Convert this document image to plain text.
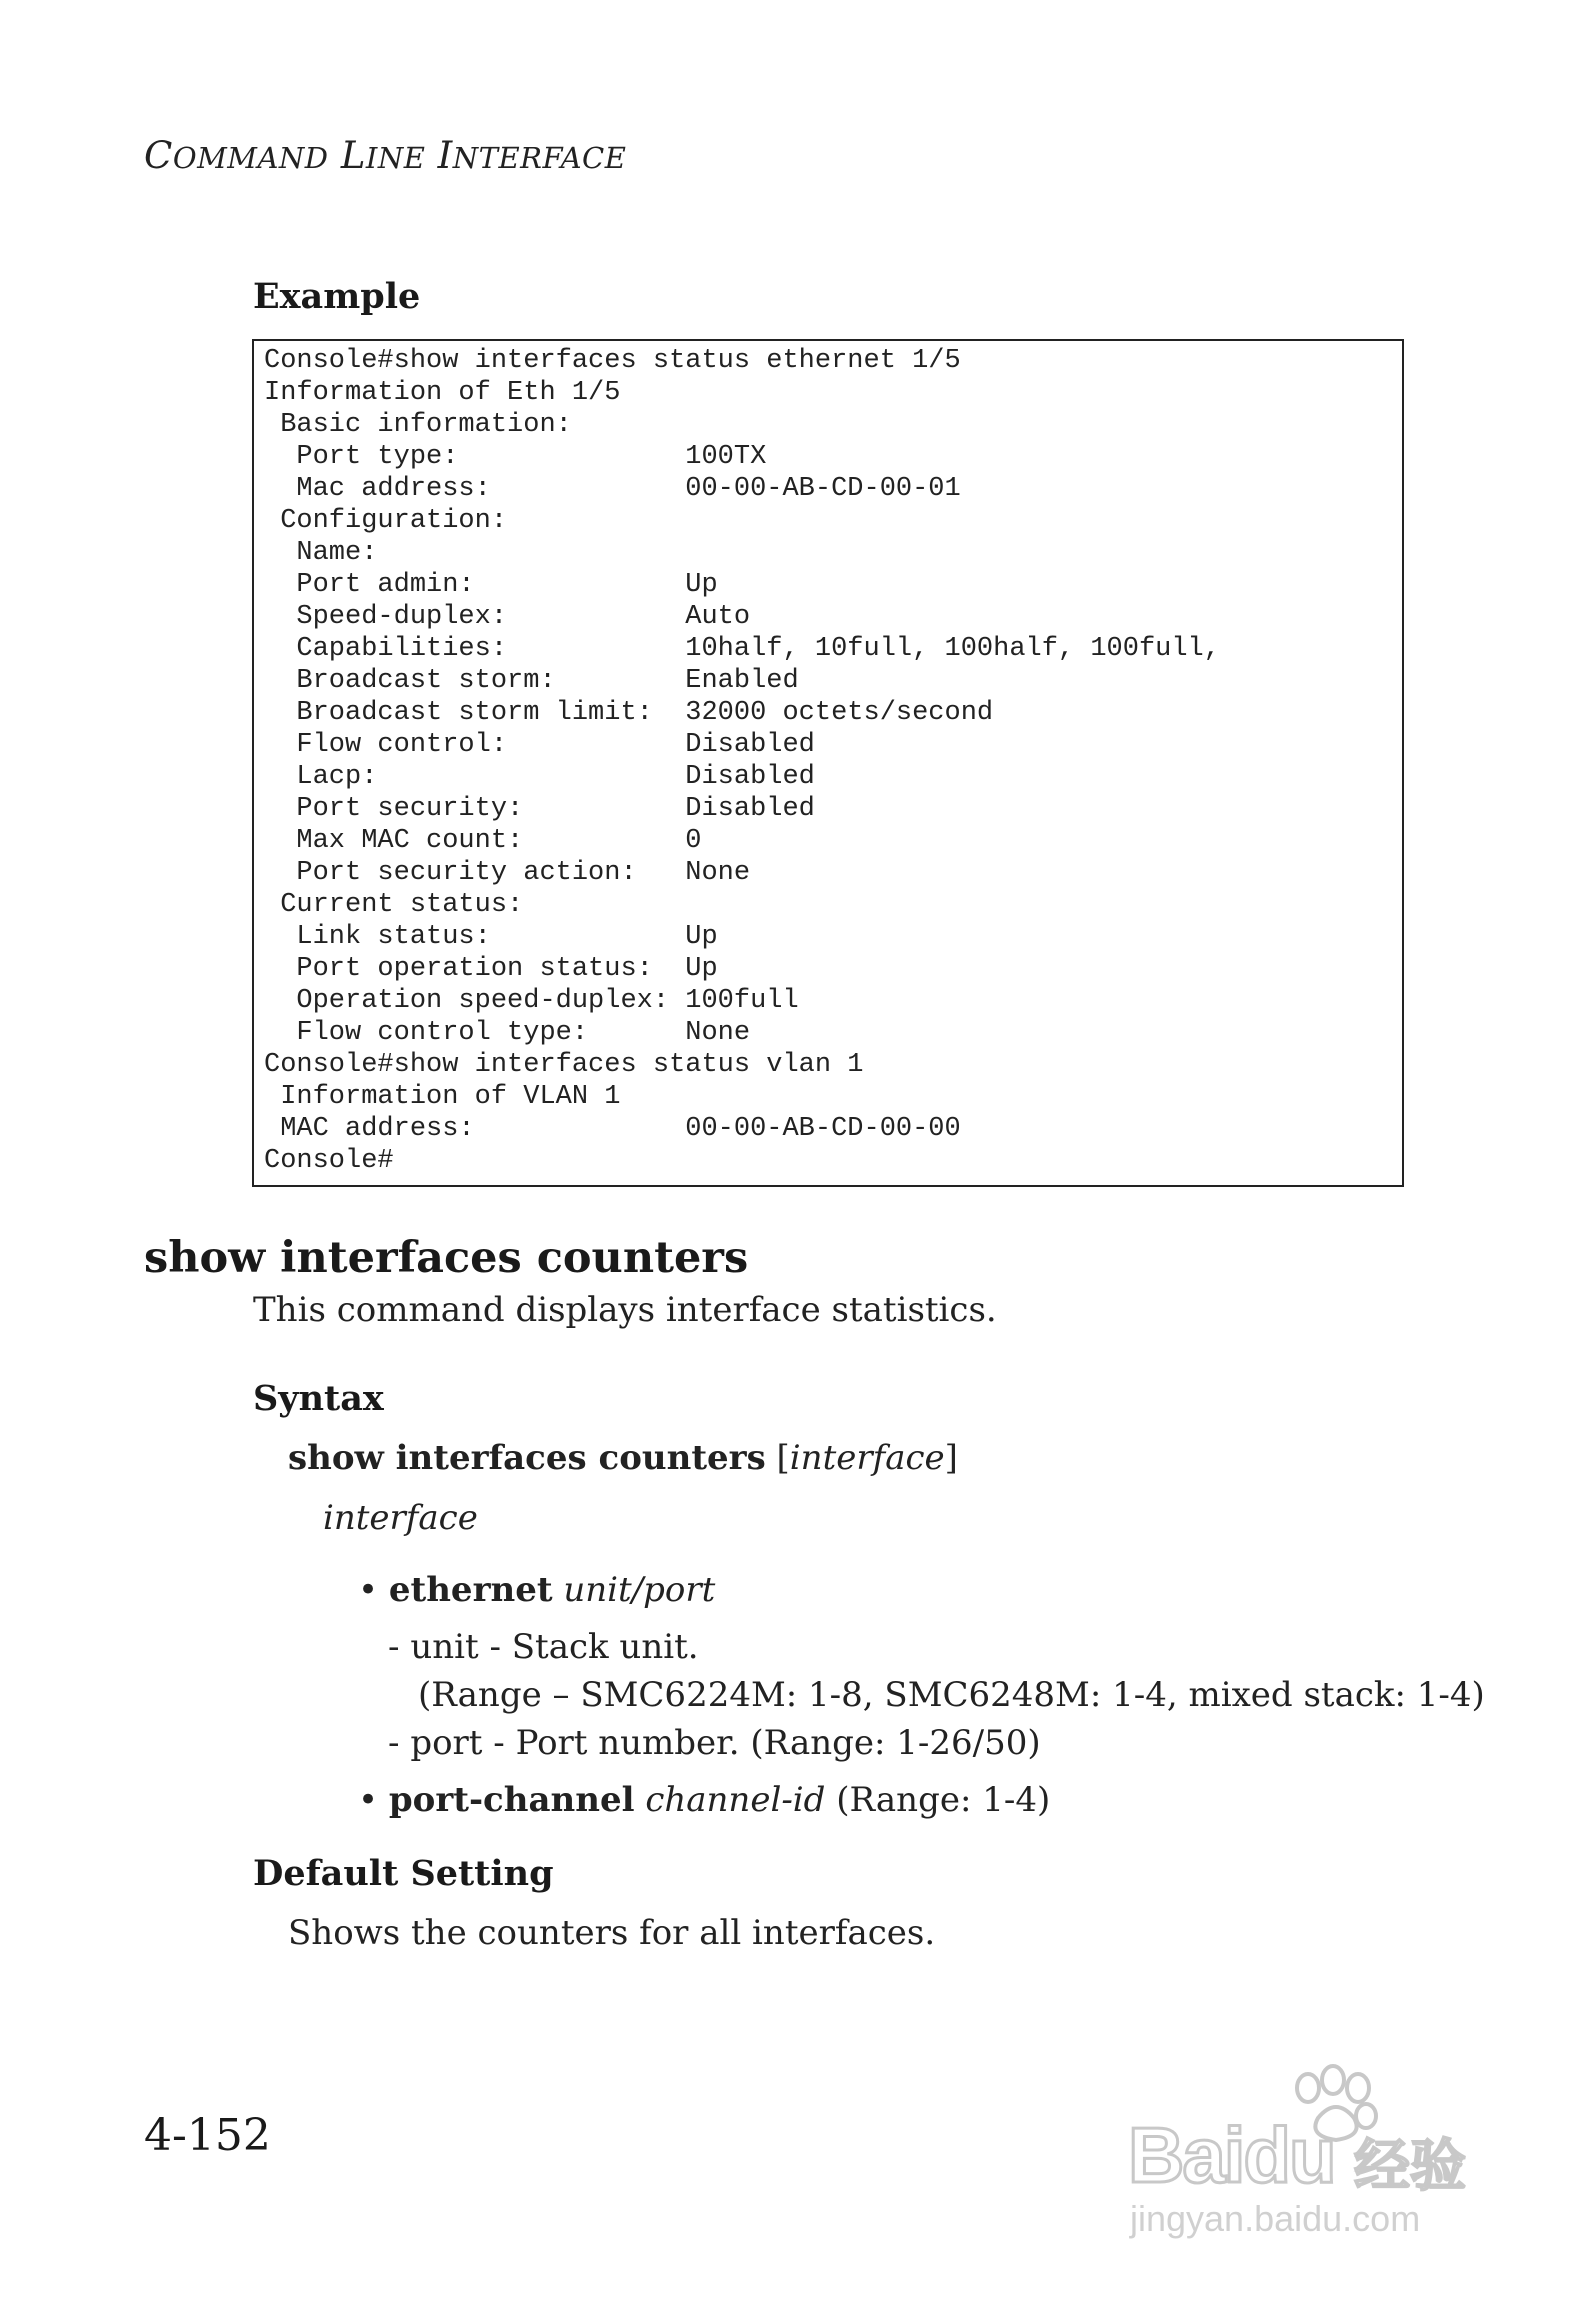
COMMAND LINE INTERFACE
Example
Console#show interfaces status ethernet 1/5
Information of Eth 1/5
Basic information:
Port type:              100TX
Mac address:            00-00-AB-CD-00-01
Configuration:
Name:
Port admin:             Up
Speed-duplex:           Auto
Capabilities:           10half, 10full, 100half, 100full,
Broadcast storm:        Enabled
Broadcast storm limit:  32000 octets/second
Flow control:           Disabled
Lacp:                   Disabled
Port security:          Disabled
Max MAC count:          0
Port security action:   None
Current status:
Link status:            Up
Port operation status:  Up
Operation speed-duplex: 100full
Flow control type:      None
Console#show interfaces status vlan 1
Information of VLAN 1
MAC address:             00-00-AB-CD-00-00
Console#
show interfaces counters
This command displays interface statistics.
Syntax
show interfaces counters [interface]
interface
• ethernet unit/port
- unit - Stack unit.
(Range – SMC6224M: 1-8, SMC6248M: 1-4, mixed stack: 1-4)
- port - Port number. (Range: 1-26/50)
• port-channel channel-id (Range: 1-4)
Default Setting
Shows the counters for all interfaces.
4-152	Baidu 经验
jingyan.baidu.com
